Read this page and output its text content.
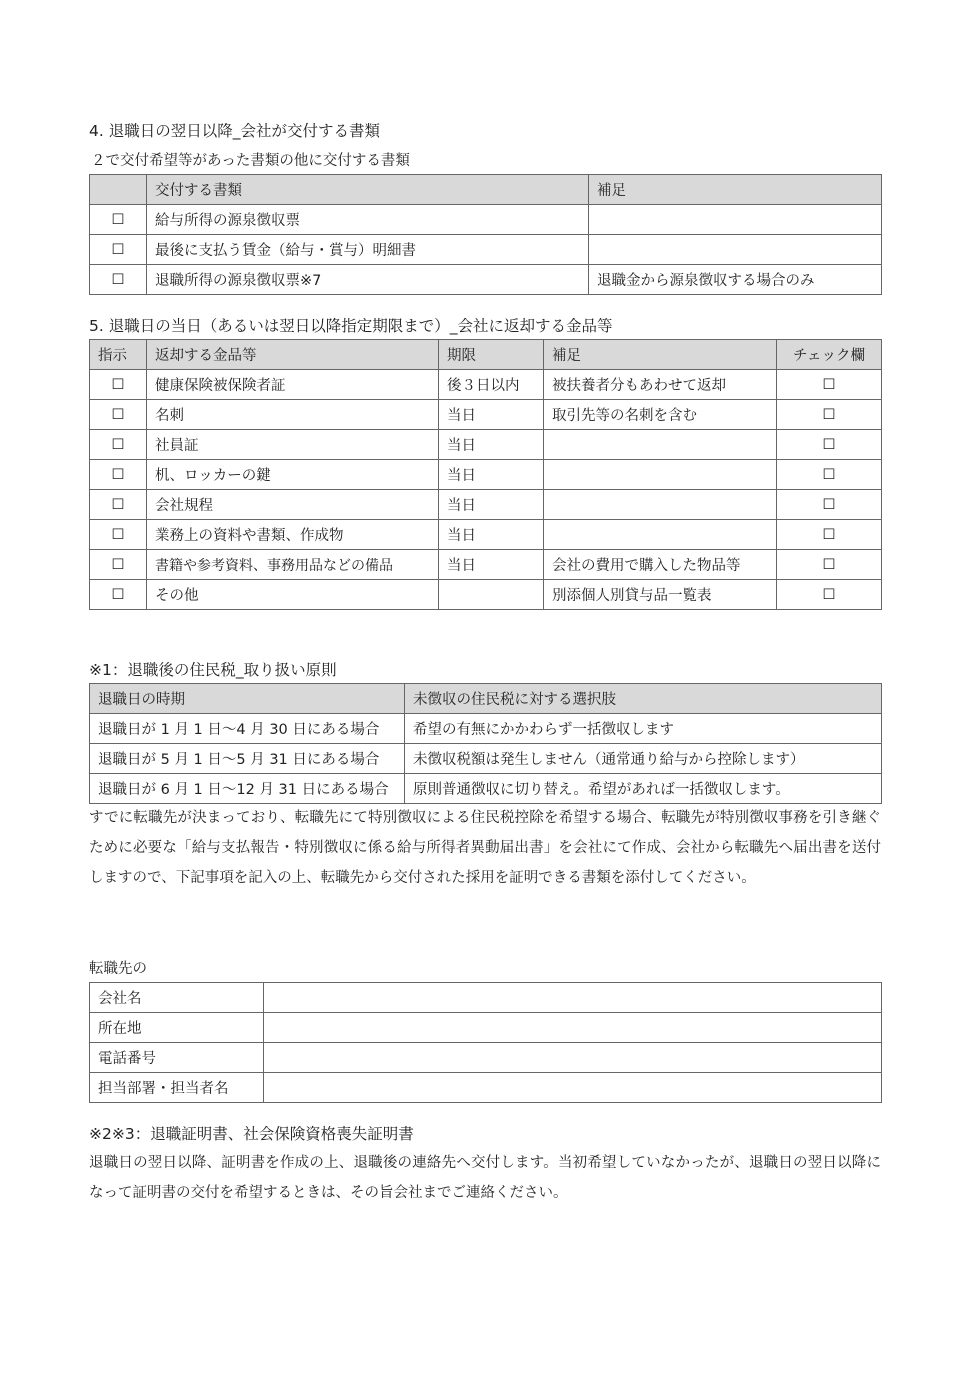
4. 退職日の翌日以降_会社が交付する書類
２で交付希望等があった書類の他に交付する書類
	交付する書類	補足
☐	給与所得の源泉徴収票	
☐	最後に支払う賃金（給与・賞与）明細書	
☐	退職所得の源泉徴収票※7	退職金から源泉徴収する場合のみ
5. 退職日の当日（あるいは翌日以降指定期限まで）_会社に返却する金品等
指示	返却する金品等	期限	補足	チェック欄
☐	健康保険被保険者証	後３日以内	被扶養者分もあわせて返却	☐
☐	名刺	当日	取引先等の名刺を含む	☐
☐	社員証	当日		☐
☐	机、ロッカーの鍵	当日		☐
☐	会社規程	当日		☐
☐	業務上の資料や書類、作成物	当日		☐
☐	書籍や参考資料、事務用品などの備品	当日	会社の費用で購入した物品等	☐
☐	その他		別添個人別貸与品一覧表	☐
※1：退職後の住民税_取り扱い原則
退職日の時期	未徴収の住民税に対する選択肢
退職日が 1 月 1 日～4 月 30 日にある場合	希望の有無にかかわらず一括徴収します
退職日が 5 月 1 日～5 月 31 日にある場合	未徴収税額は発生しません（通常通り給与から控除します）
退職日が 6 月 1 日～12 月 31 日にある場合	原則普通徴収に切り替え。希望があれば一括徴収します。
すでに転職先が決まっており、転職先にて特別徴収による住民税控除を希望する場合、転職先が特別徴収事務を引き継ぐために必要な「給与支払報告・特別徴収に係る給与所得者異動届出書」を会社にて作成、会社から転職先へ届出書を送付しますので、下記事項を記入の上、転職先から交付された採用を証明できる書類を添付してください。
転職先の
会社名	
所在地	
電話番号	
担当部署・担当者名	
※2※3：退職証明書、社会保険資格喪失証明書
退職日の翌日以降、証明書を作成の上、退職後の連絡先へ交付します。当初希望していなかったが、退職日の翌日以降になって証明書の交付を希望するときは、その旨会社までご連絡ください。
